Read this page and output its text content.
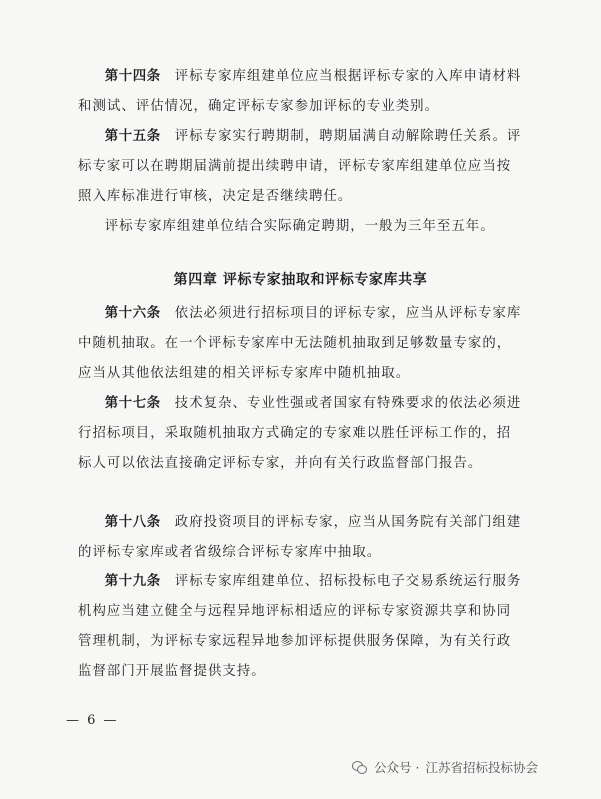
第十四条　评标专家库组建单位应当根据评标专家的入库申请材料和测试、评估情况，确定评标专家参加评标的专业类别。

第十五条　评标专家实行聘期制，聘期届满自动解除聘任关系。评标专家可以在聘期届满前提出续聘申请，评标专家库组建单位应当按照入库标准进行审核，决定是否继续聘任。

评标专家库组建单位结合实际确定聘期，一般为三年至五年。

第四章 评标专家抽取和评标专家库共享

第十六条　依法必须进行招标项目的评标专家，应当从评标专家库中随机抽取。在一个评标专家库中无法随机抽取到足够数量专家的，应当从其他依法组建的相关评标专家库中随机抽取。

第十七条　技术复杂、专业性强或者国家有特殊要求的依法必须进行招标项目，采取随机抽取方式确定的专家难以胜任评标工作的，招标人可以依法直接确定评标专家，并向有关行政监督部门报告。

第十八条　政府投资项目的评标专家，应当从国务院有关部门组建的评标专家库或者省级综合评标专家库中抽取。

第十九条　评标专家库组建单位、招标投标电子交易系统运行服务机构应当建立健全与远程异地评标相适应的评标专家资源共享和协同管理机制，为评标专家远程异地参加评标提供服务保障，为有关行政监督部门开展监督提供支持。

— 6 —
公众号 · 江苏省招标投标协会
